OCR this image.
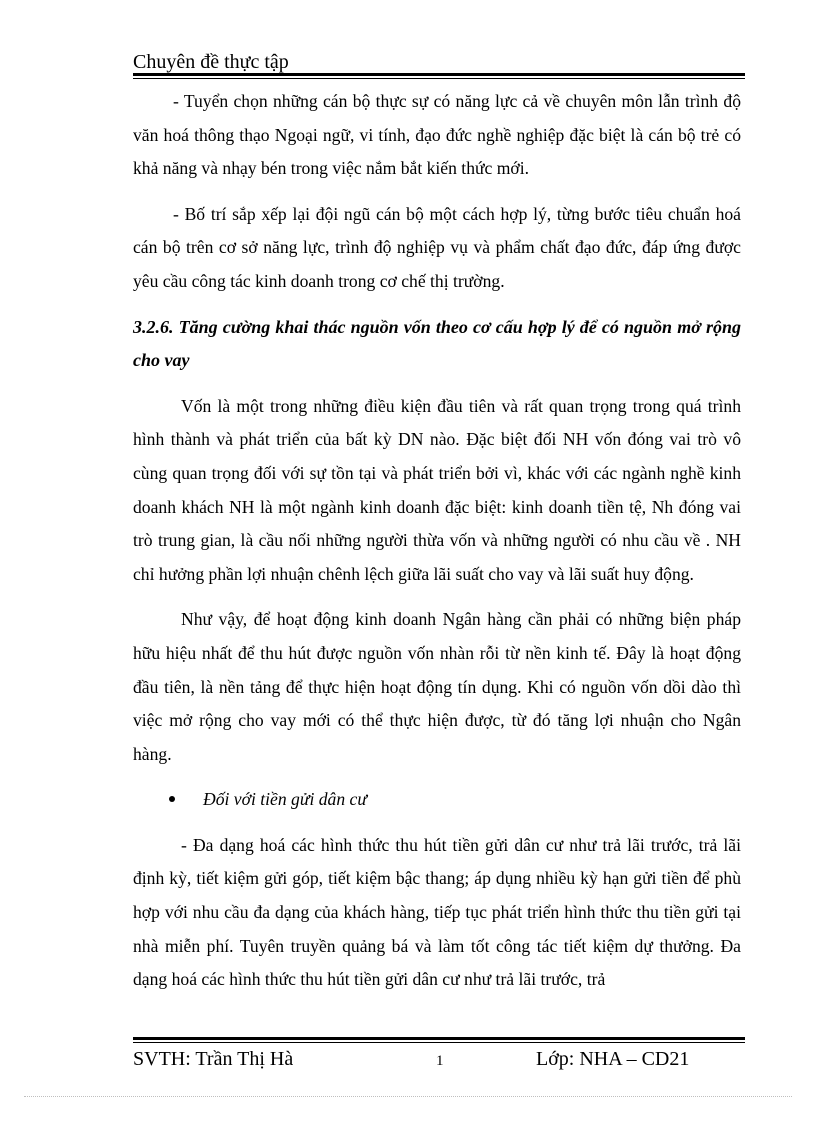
Chuyên đề thực tập

- Tuyển chọn những cán bộ thực sự có năng lực cả về chuyên môn lẫn trình độ văn hoá thông thạo Ngoại ngữ, vi tính, đạo đức nghề nghiệp đặc biệt là cán bộ trẻ có khả năng và nhạy bén trong việc nắm bắt kiến thức mới.

- Bố trí sắp xếp lại đội ngũ cán bộ một cách hợp lý, từng bước tiêu chuẩn hoá cán bộ trên cơ sở năng lực, trình độ nghiệp vụ và phẩm chất đạo đức, đáp ứng được yêu cầu công tác kinh doanh trong cơ chế thị trường.

3.2.6. Tăng cường khai thác nguồn vốn theo cơ cấu hợp lý để có nguồn mở rộng cho vay

Vốn là một trong những điều kiện đầu tiên và rất quan trọng trong quá trình hình thành và phát triển của bất kỳ DN nào. Đặc biệt đối NH vốn đóng vai trò vô cùng quan trọng đối với sự tồn tại và phát triển bởi vì, khác với các ngành nghề kinh doanh khách NH là một ngành kinh doanh đặc biệt: kinh doanh tiền tệ, Nh đóng vai trò trung gian, là cầu nối những người thừa vốn và những người có nhu cầu về . NH chỉ hưởng phần lợi nhuận chênh lệch giữa lãi suất cho vay và lãi suất huy động.

Như vậy, để hoạt động kinh doanh Ngân hàng cần phải có những biện pháp hữu hiệu nhất để thu hút được nguồn vốn nhàn rỗi từ nền kinh tế. Đây là hoạt động đầu tiên, là nền tảng để thực hiện hoạt động tín dụng. Khi có nguồn vốn dồi dào thì việc mở rộng cho vay mới có thể thực hiện được, từ đó tăng lợi nhuận cho Ngân hàng.

Đối với tiền gửi dân cư

- Đa dạng hoá các hình thức thu hút tiền gửi dân cư như trả lãi trước, trả lãi định kỳ, tiết kiệm gửi góp, tiết kiệm bậc thang; áp dụng nhiều kỳ hạn gửi tiền để phù hợp với nhu cầu đa dạng của khách hàng, tiếp tục phát triển hình thức thu tiền gửi tại nhà miễn phí. Tuyên truyền quảng bá và làm tốt công tác tiết kiệm dự thưởng. Đa dạng hoá các hình thức thu hút tiền gửi dân cư như trả lãi trước, trả

SVTH: Trần Thị Hà	1	Lớp: NHA – CD21
